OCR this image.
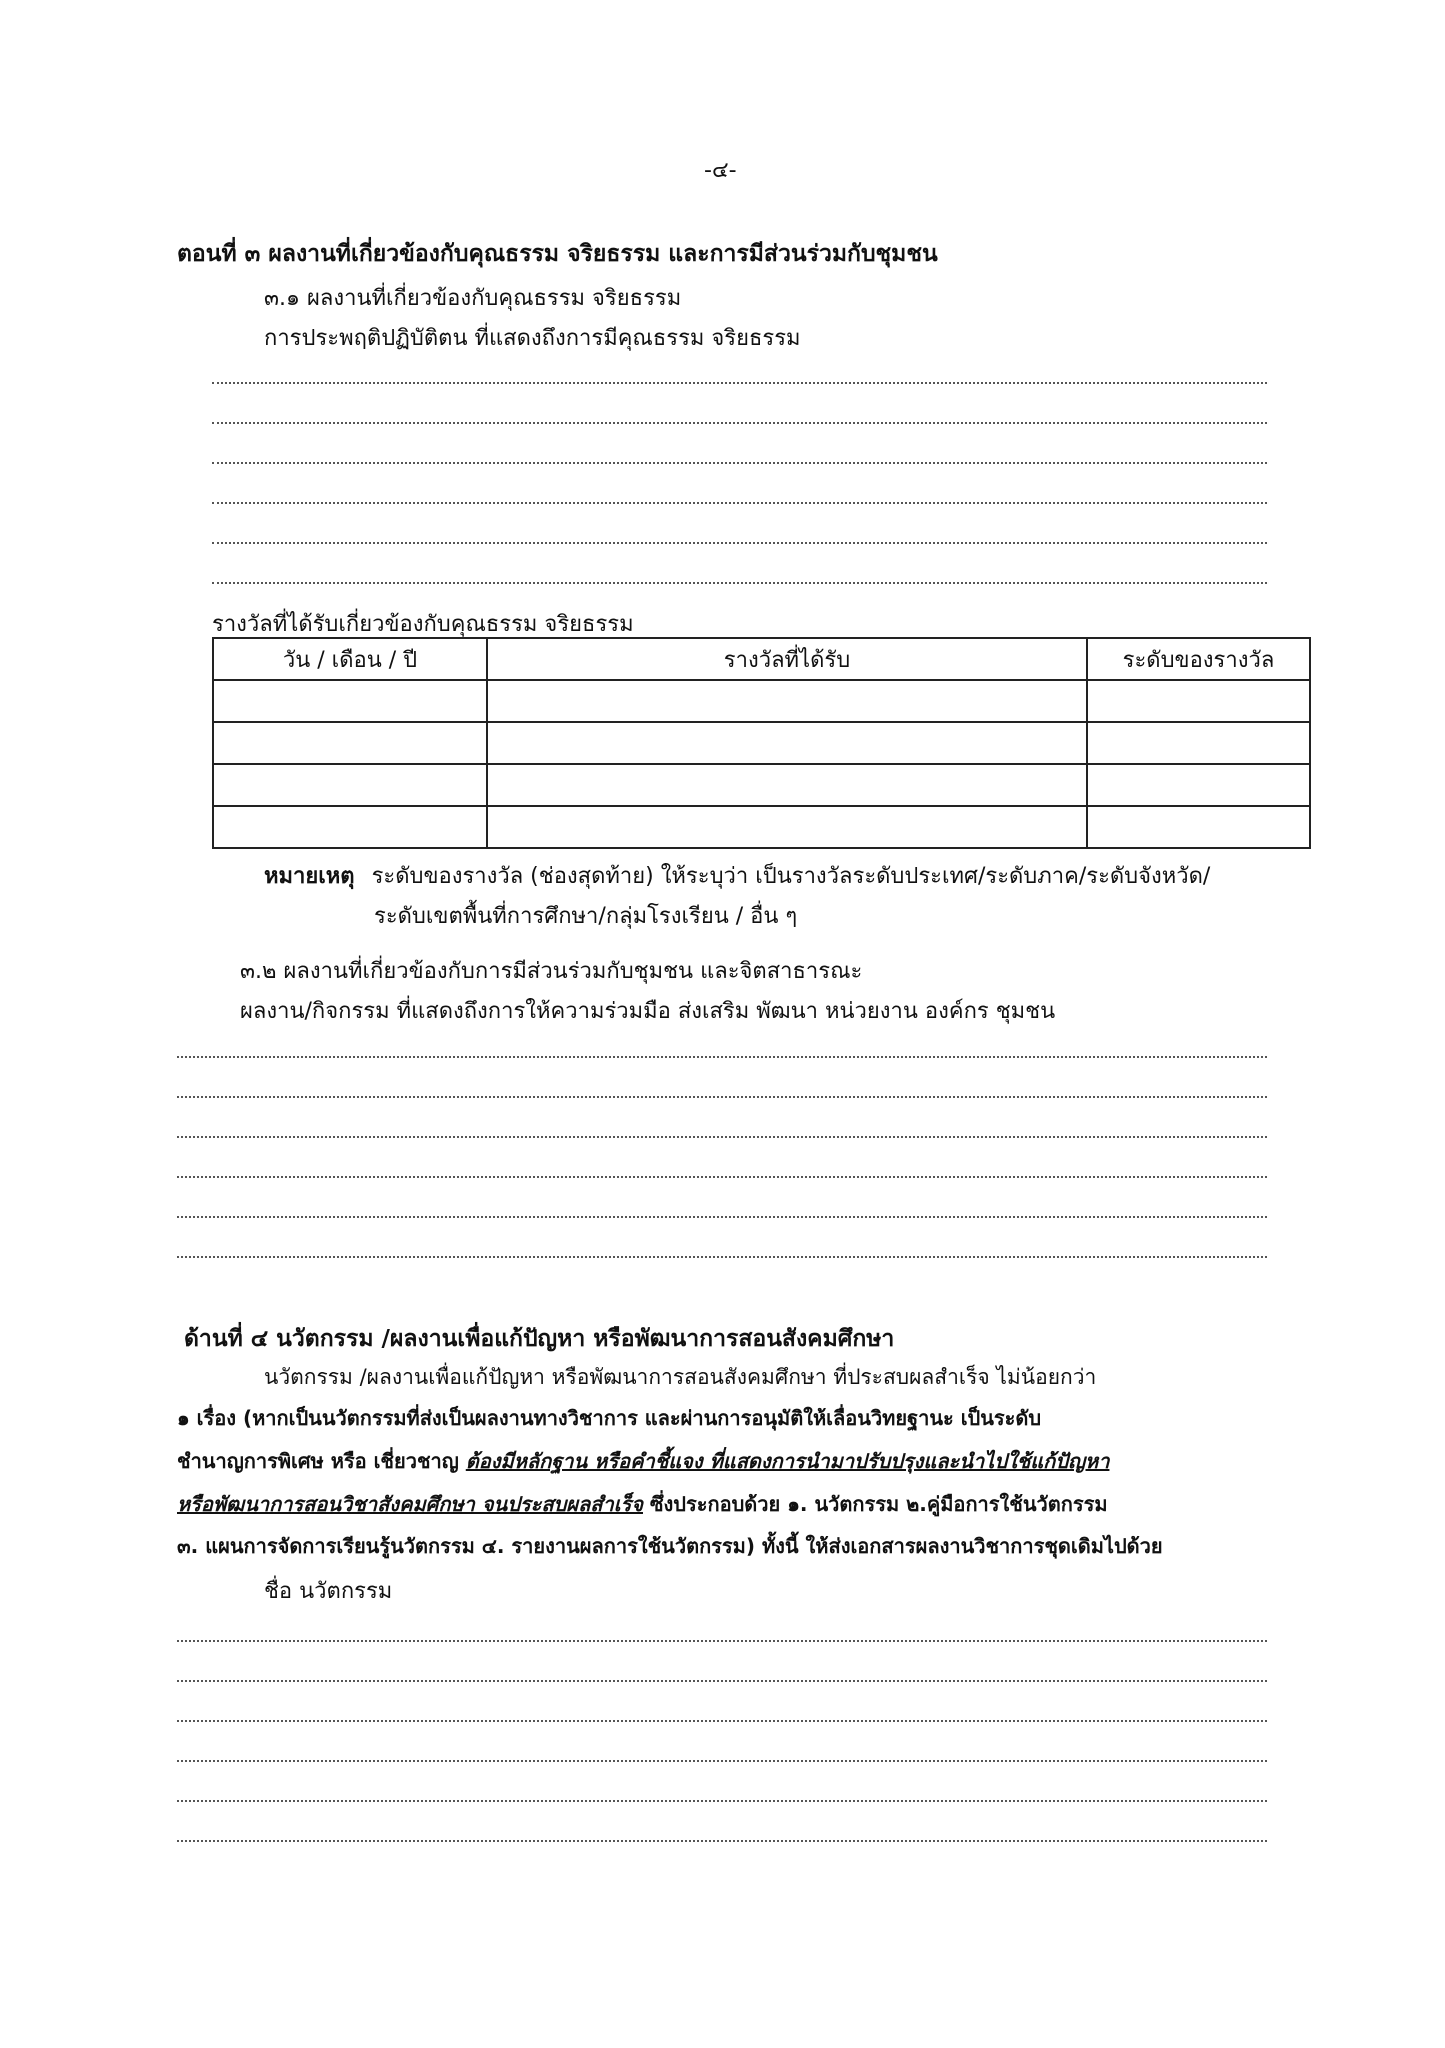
-๔-
ตอนที่ ๓ ผลงานที่เกี่ยวข้องกับคุณธรรม จริยธรรม และการมีส่วนร่วมกับชุมชน
๓.๑ ผลงานที่เกี่ยวข้องกับคุณธรรม จริยธรรม
การประพฤติปฏิบัติตน ที่แสดงถึงการมีคุณธรรม จริยธรรม
รางวัลที่ได้รับเกี่ยวข้องกับคุณธรรม จริยธรรม
วัน / เดือน / ปี	รางวัลที่ได้รับ	ระดับของรางวัล

หมายเหตุ ระดับของรางวัล (ช่องสุดท้าย) ให้ระบุว่า เป็นรางวัลระดับประเทศ/ระดับภาค/ระดับจังหวัด/
ระดับเขตพื้นที่การศึกษา/กลุ่มโรงเรียน / อื่น ๆ
๓.๒ ผลงานที่เกี่ยวข้องกับการมีส่วนร่วมกับชุมชน และจิตสาธารณะ
ผลงาน/กิจกรรม ที่แสดงถึงการให้ความร่วมมือ ส่งเสริม พัฒนา หน่วยงาน องค์กร ชุมชน
ด้านที่ ๔ นวัตกรรม /ผลงานเพื่อแก้ปัญหา หรือพัฒนาการสอนสังคมศึกษา
นวัตกรรม /ผลงานเพื่อแก้ปัญหา หรือพัฒนาการสอนสังคมศึกษา ที่ประสบผลสำเร็จ ไม่น้อยกว่า
๑ เรื่อง (หากเป็นนวัตกรรมที่ส่งเป็นผลงานทางวิชาการ และผ่านการอนุมัติให้เลื่อนวิทยฐานะ เป็นระดับ
ชำนาญการพิเศษ หรือ เชี่ยวชาญ ต้องมีหลักฐาน หรือคำชี้แจง ที่แสดงการนำมาปรับปรุงและนำไปใช้แก้ปัญหา
หรือพัฒนาการสอนวิชาสังคมศึกษา จนประสบผลสำเร็จ ซึ่งประกอบด้วย ๑. นวัตกรรม ๒.คู่มือการใช้นวัตกรรม
๓. แผนการจัดการเรียนรู้นวัตกรรม ๔. รายงานผลการใช้นวัตกรรม) ทั้งนี้ ให้ส่งเอกสารผลงานวิชาการชุดเดิมไปด้วย
ชื่อ นวัตกรรม
